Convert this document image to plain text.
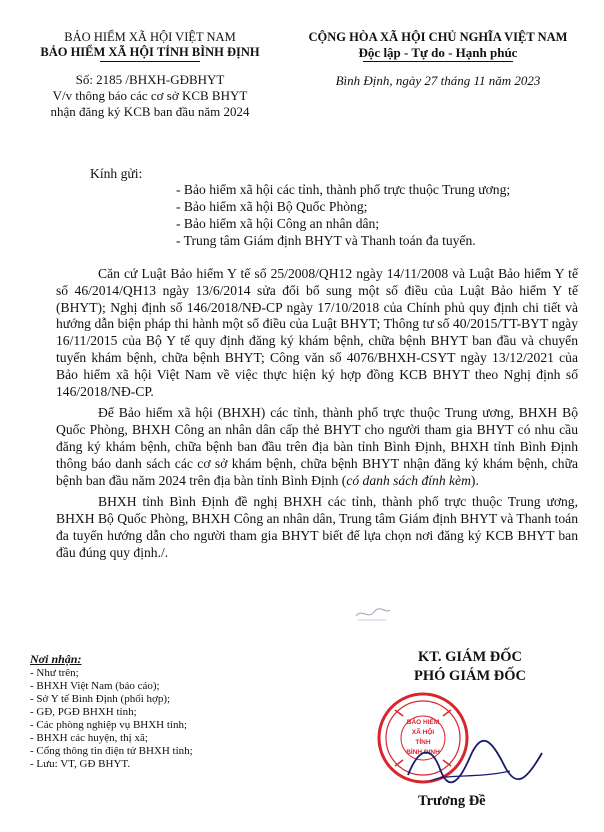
BẢO HIỂM XÃ HỘI VIỆT NAM
BẢO HIỂM XÃ HỘI TỈNH BÌNH ĐỊNH
Số: 2185 /BHXH-GĐBHYT
V/v thông báo các cơ sở KCB BHYT
nhận đăng ký KCB ban đầu năm 2024
CỘNG HÒA XÃ HỘI CHỦ NGHĨA VIỆT NAM
Độc lập - Tự do - Hạnh phúc
Bình Định, ngày 27 tháng 11 năm 2023
Kính gửi:
- Bảo hiểm xã hội các tỉnh, thành phố trực thuộc Trung ương;
- Bảo hiểm xã hội Bộ Quốc Phòng;
- Bảo hiểm xã hội Công an nhân dân;
- Trung tâm Giám định BHYT và Thanh toán đa tuyến.

Căn cứ Luật Bảo hiểm Y tế số 25/2008/QH12 ngày 14/11/2008 và Luật Bảo hiểm Y tế số 46/2014/QH13 ngày 13/6/2014 sửa đổi bổ sung một số điều của Luật Bảo hiểm Y tế (BHYT); Nghị định số 146/2018/NĐ-CP ngày 17/10/2018 của Chính phủ quy định chi tiết và hướng dẫn biện pháp thi hành một số điều của Luật BHYT; Thông tư số 40/2015/TT-BYT ngày 16/11/2015 của Bộ Y tế quy định đăng ký khám bệnh, chữa bệnh BHYT ban đầu và chuyển tuyến khám bệnh, chữa bệnh BHYT; Công văn số 4076/BHXH-CSYT ngày 13/12/2021 của Bảo hiểm xã hội Việt Nam về việc thực hiện ký hợp đồng KCB BHYT theo Nghị định số 146/2018/NĐ-CP.

Để Bảo hiểm xã hội (BHXH) các tỉnh, thành phố trực thuộc Trung ương, BHXH Bộ Quốc Phòng, BHXH Công an nhân dân cấp thẻ BHYT cho người tham gia BHYT có nhu cầu đăng ký khám bệnh, chữa bệnh ban đầu trên địa bàn tỉnh Bình Định, BHXH tỉnh Bình Định thông báo danh sách các cơ sở khám bệnh, chữa bệnh BHYT nhận đăng ký khám bệnh, chữa bệnh ban đầu năm 2024 trên địa bàn tỉnh Bình Định (có danh sách đính kèm).

BHXH tỉnh Bình Định đề nghị BHXH các tỉnh, thành phố trực thuộc Trung ương, BHXH Bộ Quốc Phòng, BHXH Công an nhân dân, Trung tâm Giám định BHYT và Thanh toán đa tuyến hướng dẫn cho người tham gia BHYT biết để lựa chọn nơi đăng ký KCB BHYT ban đầu đúng quy định./.

Nơi nhận:
- Như trên;
- BHXH Việt Nam (báo cáo);
- Sở Y tế Bình Định (phối hợp);
- GĐ, PGĐ BHXH tỉnh;
- Các phòng nghiệp vụ BHXH tỉnh;
- BHXH các huyện, thị xã;
- Cổng thông tin điện tử BHXH tỉnh;
- Lưu: VT, GĐ BHYT.
KT. GIÁM ĐỐC
PHÓ GIÁM ĐỐC
BẢO HIỂM
XÃ HỘI
TỈNH
BÌNH ĐỊNH
Trương Đề
